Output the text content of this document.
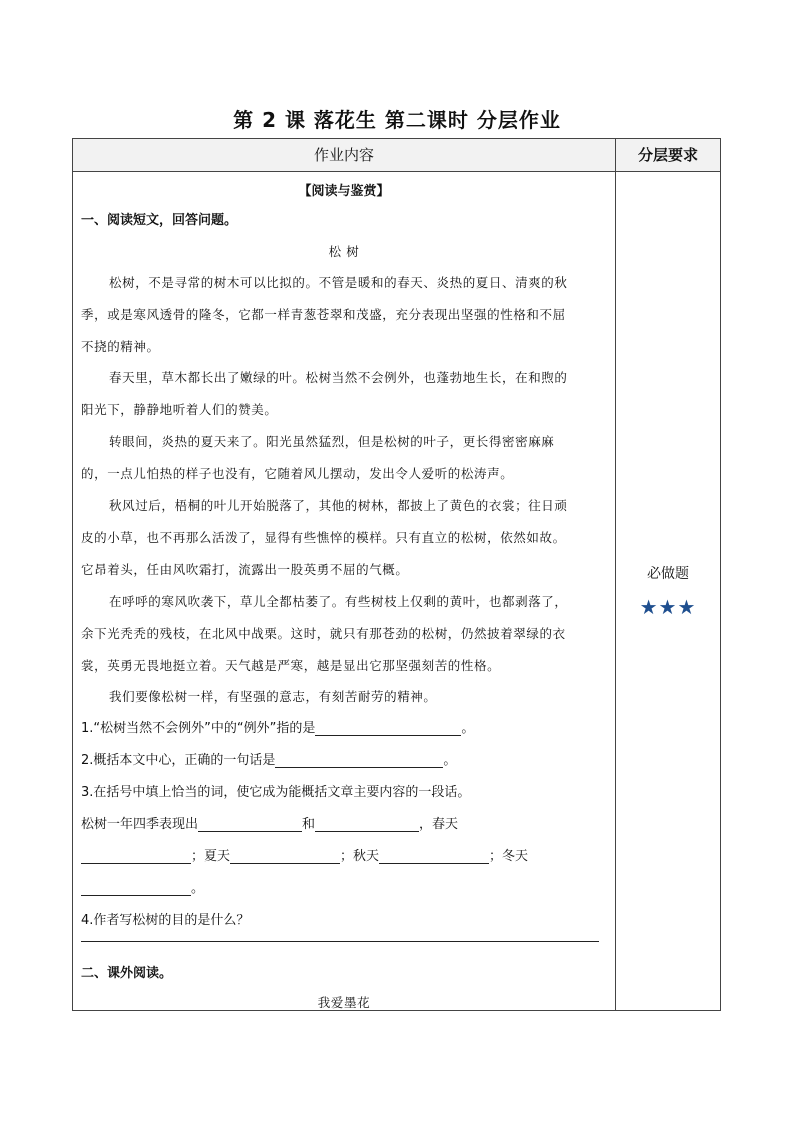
第 2 课 落花生 第二课时 分层作业
作业内容	分层要求
【阅读与鉴赏】
一、阅读短文，回答问题。
松 树
松树，不是寻常的树木可以比拟的。不管是暖和的春天、炎热的夏日、清爽的秋
季，或是寒风透骨的隆冬，它都一样青葱苍翠和茂盛，充分表现出坚强的性格和不屈
不挠的精神。
春天里，草木都长出了嫩绿的叶。松树当然不会例外，也蓬勃地生长，在和煦的
阳光下，静静地听着人们的赞美。
转眼间，炎热的夏天来了。阳光虽然猛烈，但是松树的叶子，更长得密密麻麻
的，一点儿怕热的样子也没有，它随着风儿摆动，发出令人爱听的松涛声。
秋风过后，梧桐的叶儿开始脱落了，其他的树林，都披上了黄色的衣裳；往日顽
皮的小草，也不再那么活泼了，显得有些憔悴的模样。只有直立的松树，依然如故。
它昂着头，任由风吹霜打，流露出一股英勇不屈的气概。
在呼呼的寒风吹袭下，草儿全都枯萎了。有些树枝上仅剩的黄叶，也都剥落了，
余下光秃秃的残枝，在北风中战栗。这时，就只有那苍劲的松树，仍然披着翠绿的衣
裳，英勇无畏地挺立着。天气越是严寒，越是显出它那坚强刻苦的性格。
我们要像松树一样，有坚强的意志，有刻苦耐劳的精神。
1.“松树当然不会例外”中的“例外”指的是	。
2.概括本文中心，正确的一句话是	。
3.在括号中填上恰当的词，使它成为能概括文章主要内容的一段话。
松树一年四季表现出	和	，春天
；夏天	；秋天	；冬天
。
4.作者写松树的目的是什么？
二、课外阅读。
我爱墨花
必做题
★★★
